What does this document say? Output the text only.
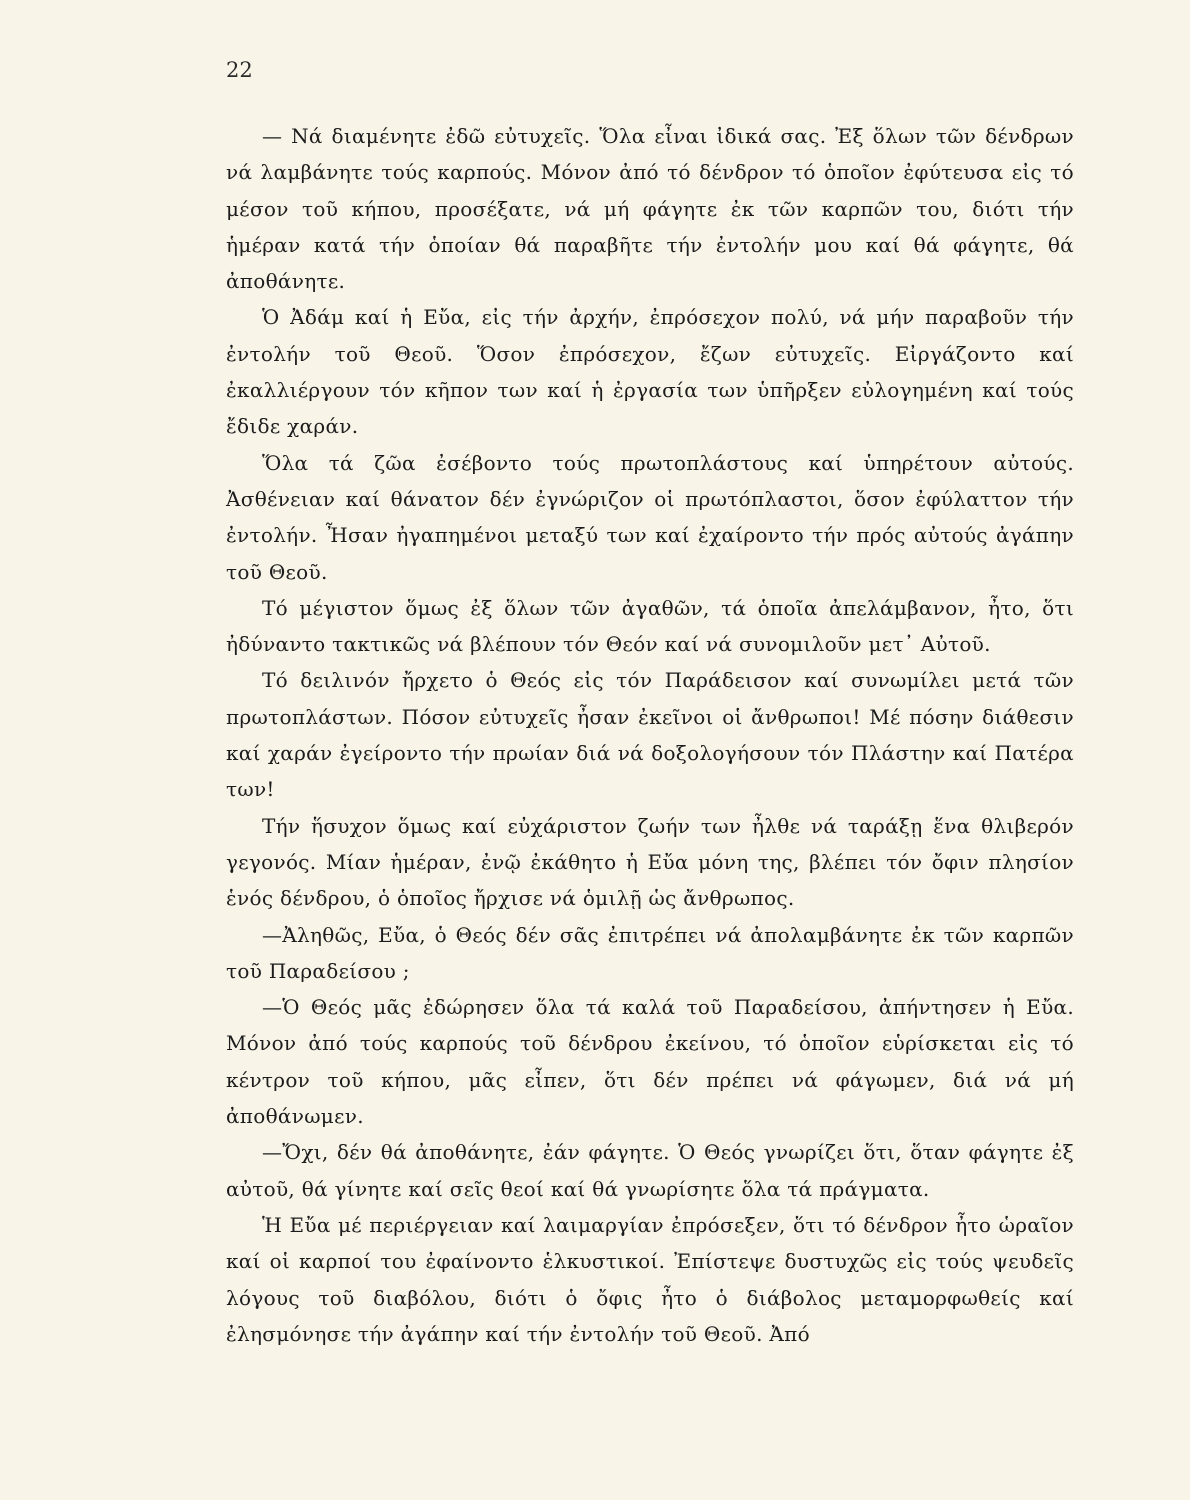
22

— Νά διαμένητε ἐδῶ εὐτυχεῖς. Ὅλα εἶναι ἰδικά σας. Ἐξ ὅλων τῶν δένδρων νά λαμβάνητε τούς καρπούς. Μόνον ἀπό τό δένδρον τό ὁποῖον ἐφύτευσα εἰς τό μέσον τοῦ κήπου, προσέξατε, νά μή φάγητε ἐκ τῶν καρπῶν του, διότι τήν ἡμέραν κατά τήν ὁποίαν θά παραβῆτε τήν ἐντολήν μου καί θά φάγητε, θά ἀποθάνητε.

Ὁ Ἀδάμ καί ἡ Εὔα, εἰς τήν ἀρχήν, ἐπρόσεχον πολύ, νά μήν παραβοῦν τήν ἐντολήν τοῦ Θεοῦ. Ὅσον ἐπρόσεχον, ἔζων εὐτυχεῖς. Εἰργάζοντο καί ἐκαλλιέργουν τόν κῆπον των καί ἡ ἐργασία των ὑπῆρξεν εὐλογημένη καί τούς ἔδιδε χαράν.

Ὅλα τά ζῶα ἐσέβοντο τούς πρωτοπλάστους καί ὑπηρέτουν αὐτούς. Ἀσθένειαν καί θάνατον δέν ἐγνώριζον οἱ πρωτόπλαστοι, ὅσον ἐφύλαττον τήν ἐντολήν. Ἦσαν ἠγαπημένοι μεταξύ των καί ἐχαίροντο τήν πρός αὐτούς ἀγάπην τοῦ Θεοῦ.

Τό μέγιστον ὅμως ἐξ ὅλων τῶν ἀγαθῶν, τά ὁποῖα ἀπελάμβανον, ἦτο, ὅτι ἠδύναντο τακτικῶς νά βλέπουν τόν Θεόν καί νά συνομιλοῦν μετ᾽ Αὐτοῦ.

Τό δειλινόν ἤρχετο ὁ Θεός εἰς τόν Παράδεισον καί συνωμίλει μετά τῶν πρωτοπλάστων. Πόσον εὐτυχεῖς ἦσαν ἐκεῖνοι οἱ ἄνθρωποι! Μέ πόσην διάθεσιν καί χαράν ἐγείροντο τήν πρωίαν διά νά δοξολογήσουν τόν Πλάστην καί Πατέρα των!

Τήν ἥσυχον ὅμως καί εὐχάριστον ζωήν των ἦλθε νά ταράξῃ ἕνα θλιβερόν γεγονός. Μίαν ἡμέραν, ἐνῷ ἐκάθητο ἡ Εὔα μόνη της, βλέπει τόν ὄφιν πλησίον ἑνός δένδρου, ὁ ὁποῖος ἤρχισε νά ὁμιλῇ ὡς ἄνθρωπος.

—Ἀληθῶς, Εὔα, ὁ Θεός δέν σᾶς ἐπιτρέπει νά ἀπολαμβάνητε ἐκ τῶν καρπῶν τοῦ Παραδείσου ;

—Ὁ Θεός μᾶς ἐδώρησεν ὅλα τά καλά τοῦ Παραδείσου, ἀπήντησεν ἡ Εὔα. Μόνον ἀπό τούς καρπούς τοῦ δένδρου ἐκείνου, τό ὁποῖον εὑρίσκεται εἰς τό κέντρον τοῦ κήπου, μᾶς εἶπεν, ὅτι δέν πρέπει νά φάγωμεν, διά νά μή ἀποθάνωμεν.

—Ὄχι, δέν θά ἀποθάνητε, ἐάν φάγητε. Ὁ Θεός γνωρίζει ὅτι, ὅταν φάγητε ἐξ αὐτοῦ, θά γίνητε καί σεῖς θεοί καί θά γνωρίσητε ὅλα τά πράγματα.

Ἡ Εὔα μέ περιέργειαν καί λαιμαργίαν ἐπρόσεξεν, ὅτι τό δένδρον ἦτο ὡραῖον καί οἱ καρποί του ἐφαίνοντο ἑλκυστικοί. Ἐπίστεψε δυστυχῶς εἰς τούς ψευδεῖς λόγους τοῦ διαβόλου, διότι ὁ ὄφις ἦτο ὁ διάβολος μεταμορφωθείς καί ἐλησμόνησε τήν ἀγάπην καί τήν ἐντολήν τοῦ Θεοῦ. Ἀπό
